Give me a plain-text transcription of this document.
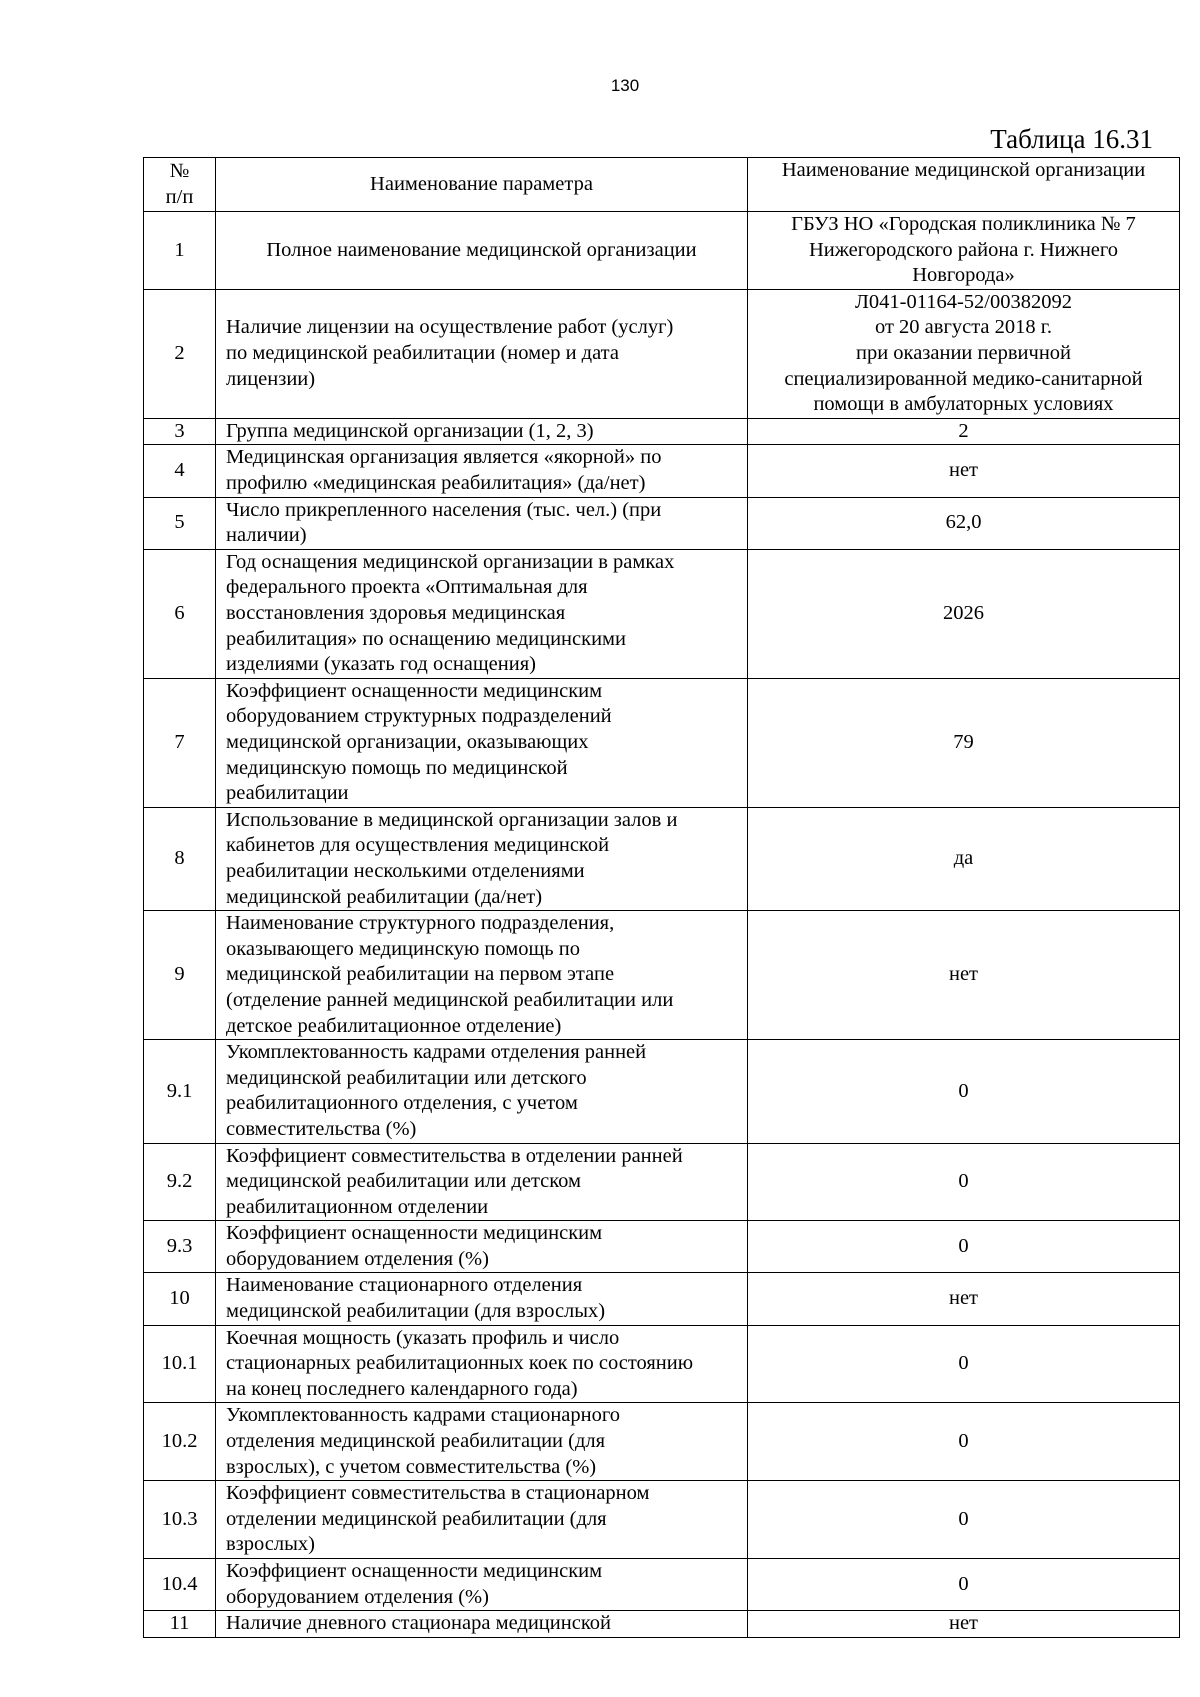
130
Таблица 16.31
№
п/п	Наименование параметра	Наименование медицинской организации
1	Полное наименование медицинской организации	ГБУЗ НО «Городская поликлиника № 7
Нижегородского района г. Нижнего
Новгорода»
2	Наличие лицензии на осуществление работ (услуг)
по медицинской реабилитации (номер и дата
лицензии)	Л041-01164-52/00382092
от 20 августа 2018 г.
при оказании первичной
специализированной медико-санитарной
помощи в амбулаторных условиях
3	Группа медицинской организации (1, 2, 3)	2
4	Медицинская организация является «якорной» по
профилю «медицинская реабилитация» (да/нет)	нет
5	Число прикрепленного населения (тыс. чел.) (при
наличии)	62,0
6	Год оснащения медицинской организации в рамках
федерального проекта «Оптимальная для
восстановления здоровья медицинская
реабилитация» по оснащению медицинскими
изделиями (указать год оснащения)	2026
7	Коэффициент оснащенности медицинским
оборудованием структурных подразделений
медицинской организации, оказывающих
медицинскую помощь по медицинской
реабилитации	79
8	Использование в медицинской организации залов и
кабинетов для осуществления медицинской
реабилитации несколькими отделениями
медицинской реабилитации (да/нет)	да
9	Наименование структурного подразделения,
оказывающего медицинскую помощь по
медицинской реабилитации на первом этапе
(отделение ранней медицинской реабилитации или
детское реабилитационное отделение)	нет
9.1	Укомплектованность кадрами отделения ранней
медицинской реабилитации или детского
реабилитационного отделения, с учетом
совместительства (%)	0
9.2	Коэффициент совместительства в отделении ранней
медицинской реабилитации или детском
реабилитационном отделении	0
9.3	Коэффициент оснащенности медицинским
оборудованием отделения (%)	0
10	Наименование стационарного отделения
медицинской реабилитации (для взрослых)	нет
10.1	Коечная мощность (указать профиль и число
стационарных реабилитационных коек по состоянию
на конец последнего календарного года)	0
10.2	Укомплектованность кадрами стационарного
отделения медицинской реабилитации (для
взрослых), с учетом совместительства (%)	0
10.3	Коэффициент совместительства в стационарном
отделении медицинской реабилитации (для
взрослых)	0
10.4	Коэффициент оснащенности медицинским
оборудованием отделения (%)	0
11	Наличие дневного стационара медицинской	нет
